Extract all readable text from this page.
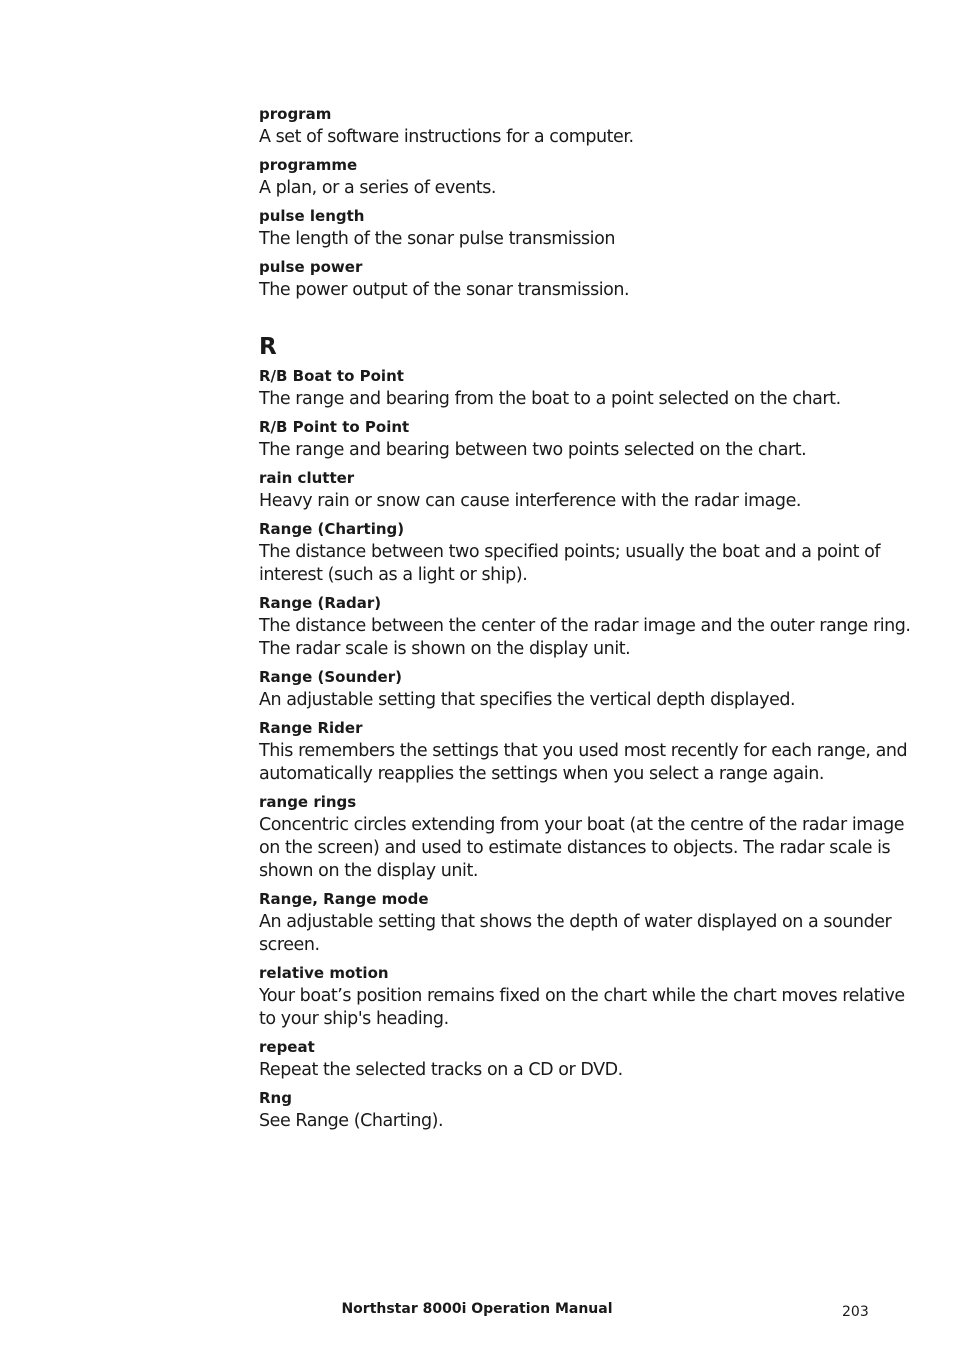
program

A set of software instructions for a computer.

programme

A plan, or a series of events.

pulse length

The length of the sonar pulse transmission

pulse power

The power output of the sonar transmission.

R

R/B Boat to Point

The range and bearing from the boat to a point selected on the chart.

R/B Point to Point

The range and bearing between two points selected on the chart.

rain clutter

Heavy rain or snow can cause interference with the radar image.

Range (Charting)

The distance between two specified points; usually the boat and a point of interest (such as a light or ship).

Range (Radar)

The distance between the center of the radar image and the outer range ring. The radar scale is shown on the display unit.

Range (Sounder)

An adjustable setting that specifies the vertical depth displayed.

Range Rider

This remembers the settings that you used most recently for each range, and automatically reapplies the settings when you select a range again.

range rings

Concentric circles extending from your boat (at the centre of the radar image on the screen) and used to estimate distances to objects. The radar scale is shown on the display unit.

Range, Range mode

An adjustable setting that shows the depth of water displayed on a sounder screen.

relative motion

Your boat’s position remains fixed on the chart while the chart moves relative to your ship's heading.

repeat

Repeat the selected tracks on a CD or DVD.

Rng

See Range (Charting).

Northstar 8000i Operation Manual	203
